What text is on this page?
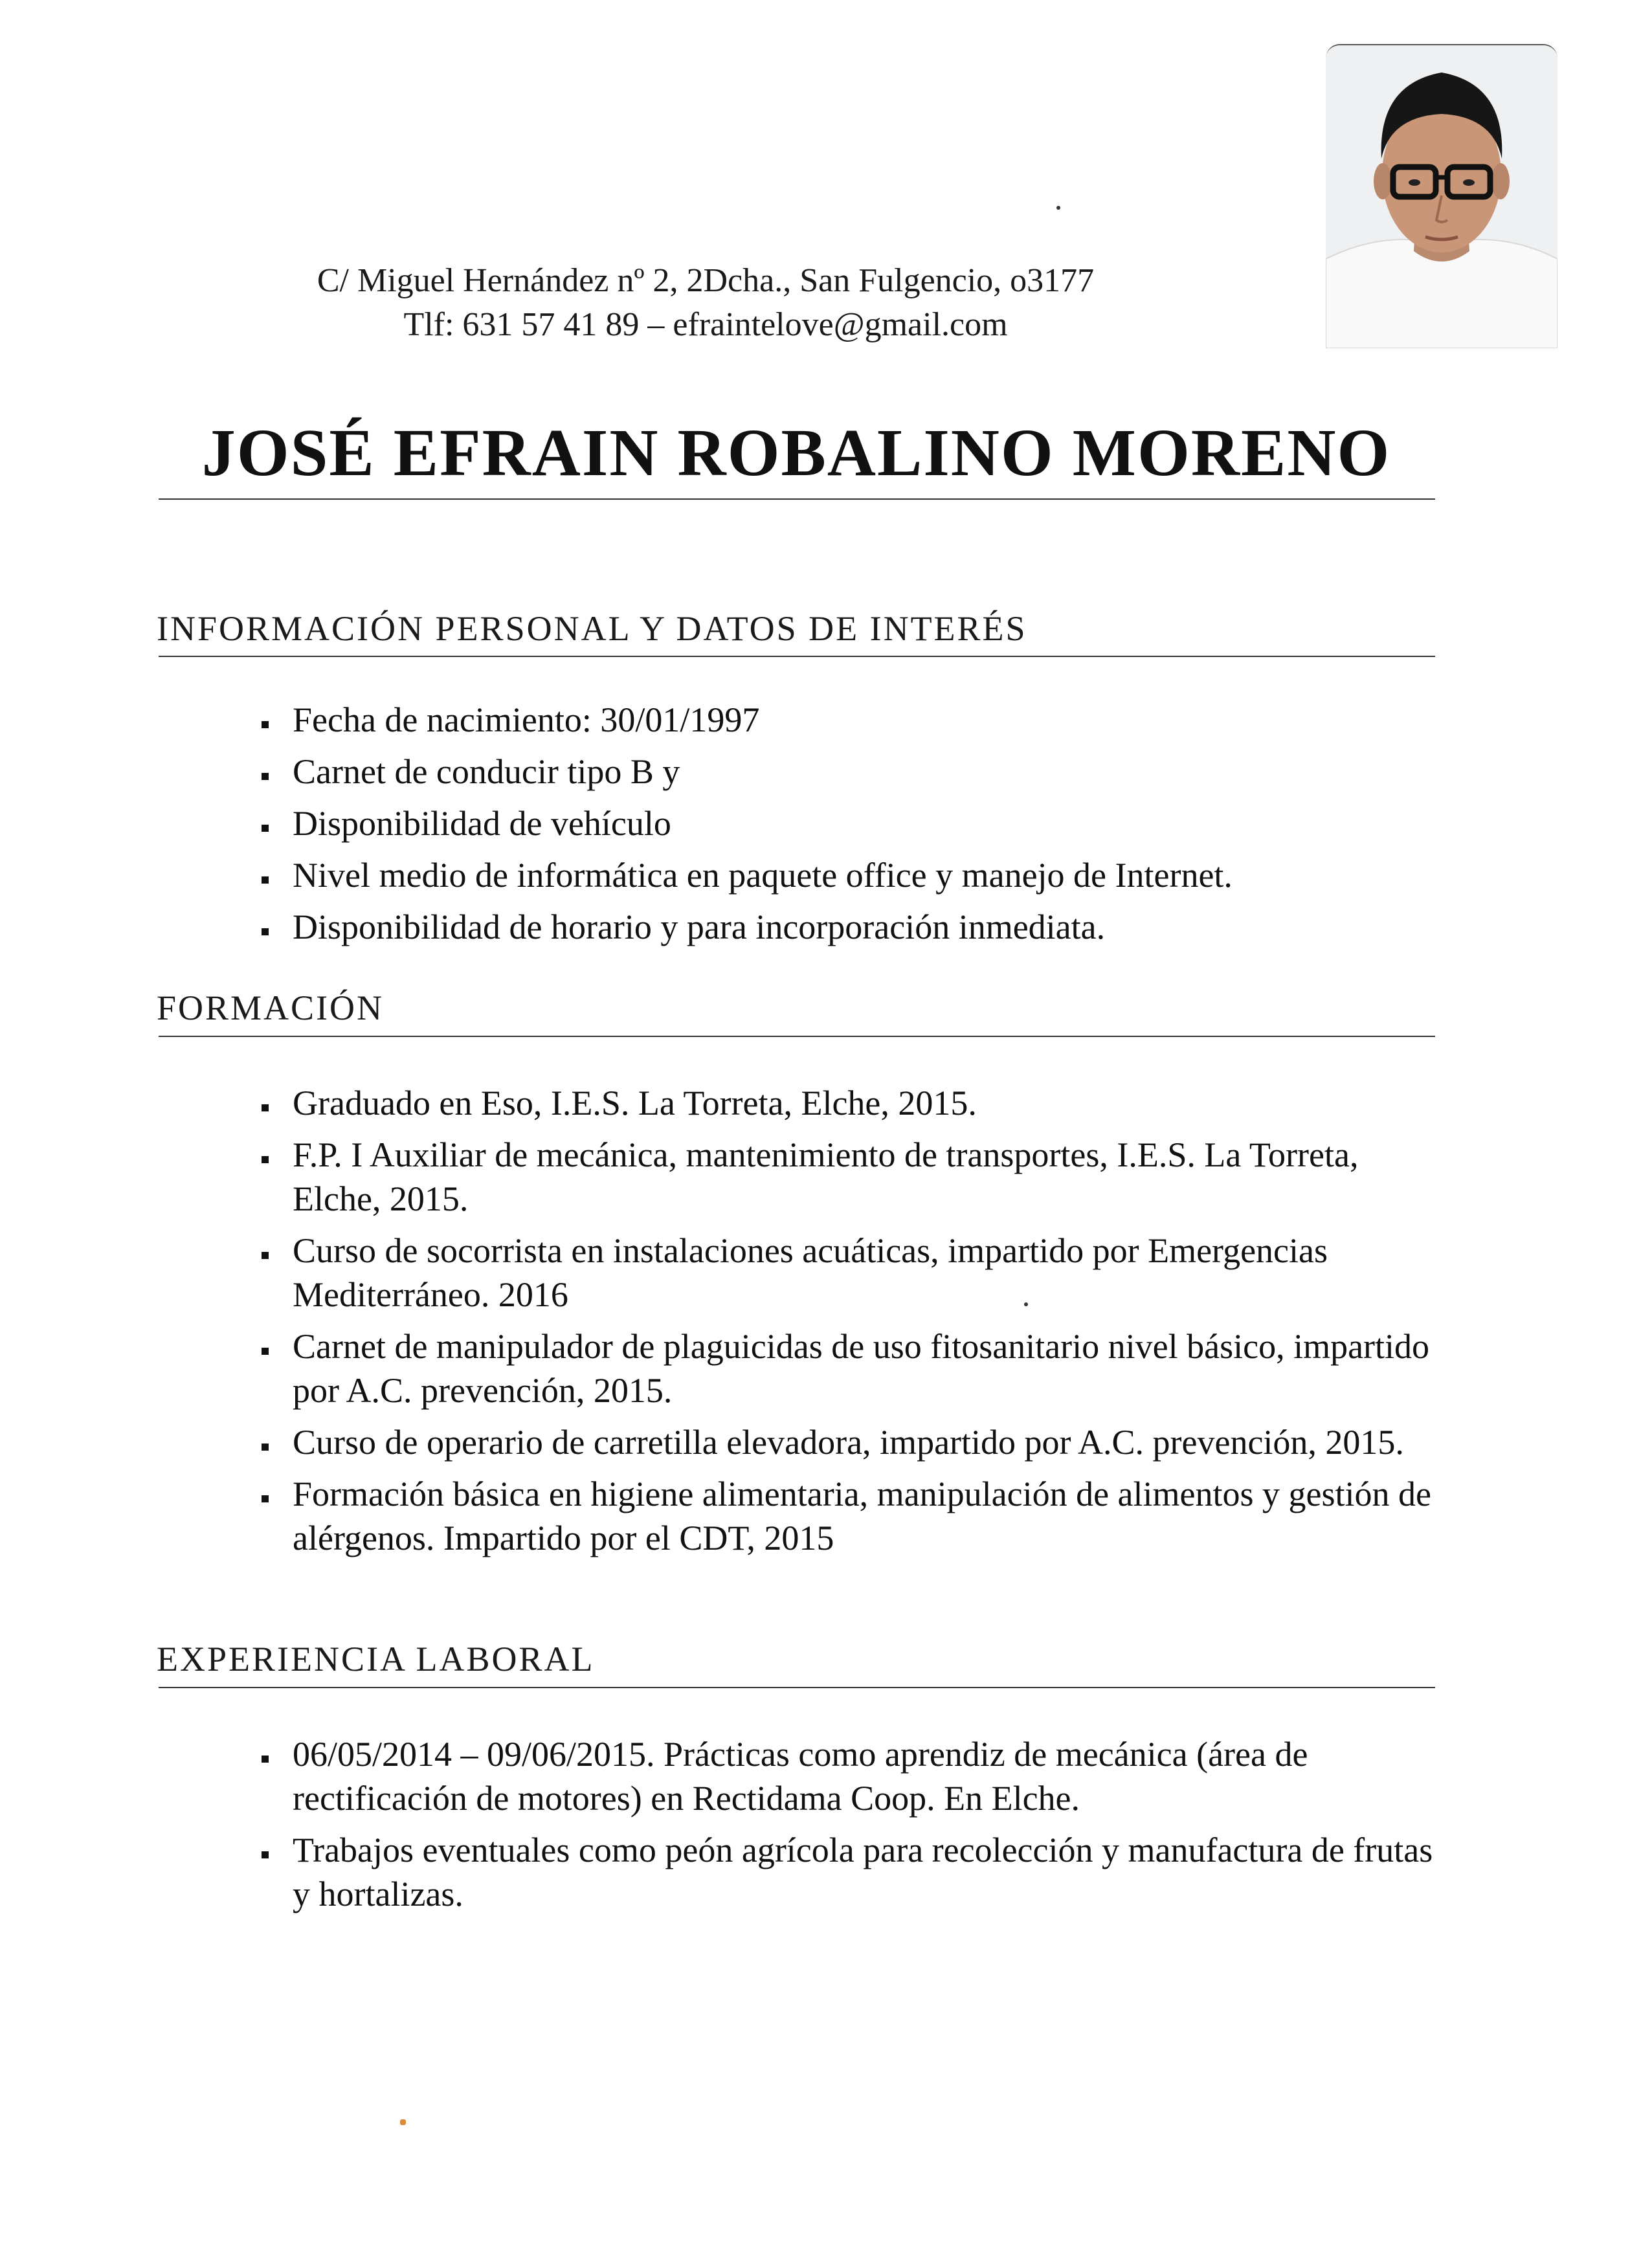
C/ Miguel Hernández nº 2, 2Dcha., San Fulgencio, o3177
Tlf: 631 57 41 89 – efraintelove@gmail.com
JOSÉ EFRAIN ROBALINO MORENO
INFORMACIÓN PERSONAL Y DATOS DE INTERÉS
Fecha de nacimiento: 30/01/1997
Carnet de conducir tipo B y
Disponibilidad de vehículo
Nivel medio de informática en paquete office y manejo de Internet.
Disponibilidad de horario y para incorporación inmediata.
FORMACIÓN
Graduado en Eso, I.E.S. La Torreta, Elche, 2015.
F.P. I Auxiliar de mecánica, mantenimiento de transportes, I.E.S. La Torreta, Elche, 2015.
Curso de socorrista en instalaciones acuáticas, impartido por Emergencias Mediterráneo. 2016
Carnet de manipulador de plaguicidas de uso fitosanitario nivel básico, impartido por A.C. prevención, 2015.
Curso de operario de carretilla elevadora, impartido por A.C. prevención, 2015.
Formación básica en higiene alimentaria, manipulación de alimentos y gestión de alérgenos. Impartido por el CDT, 2015
EXPERIENCIA LABORAL
06/05/2014 – 09/06/2015. Prácticas como aprendiz de mecánica (área de rectificación de motores) en Rectidama Coop. En Elche.
Trabajos eventuales como peón agrícola para recolección y manufactura de frutas y hortalizas.
